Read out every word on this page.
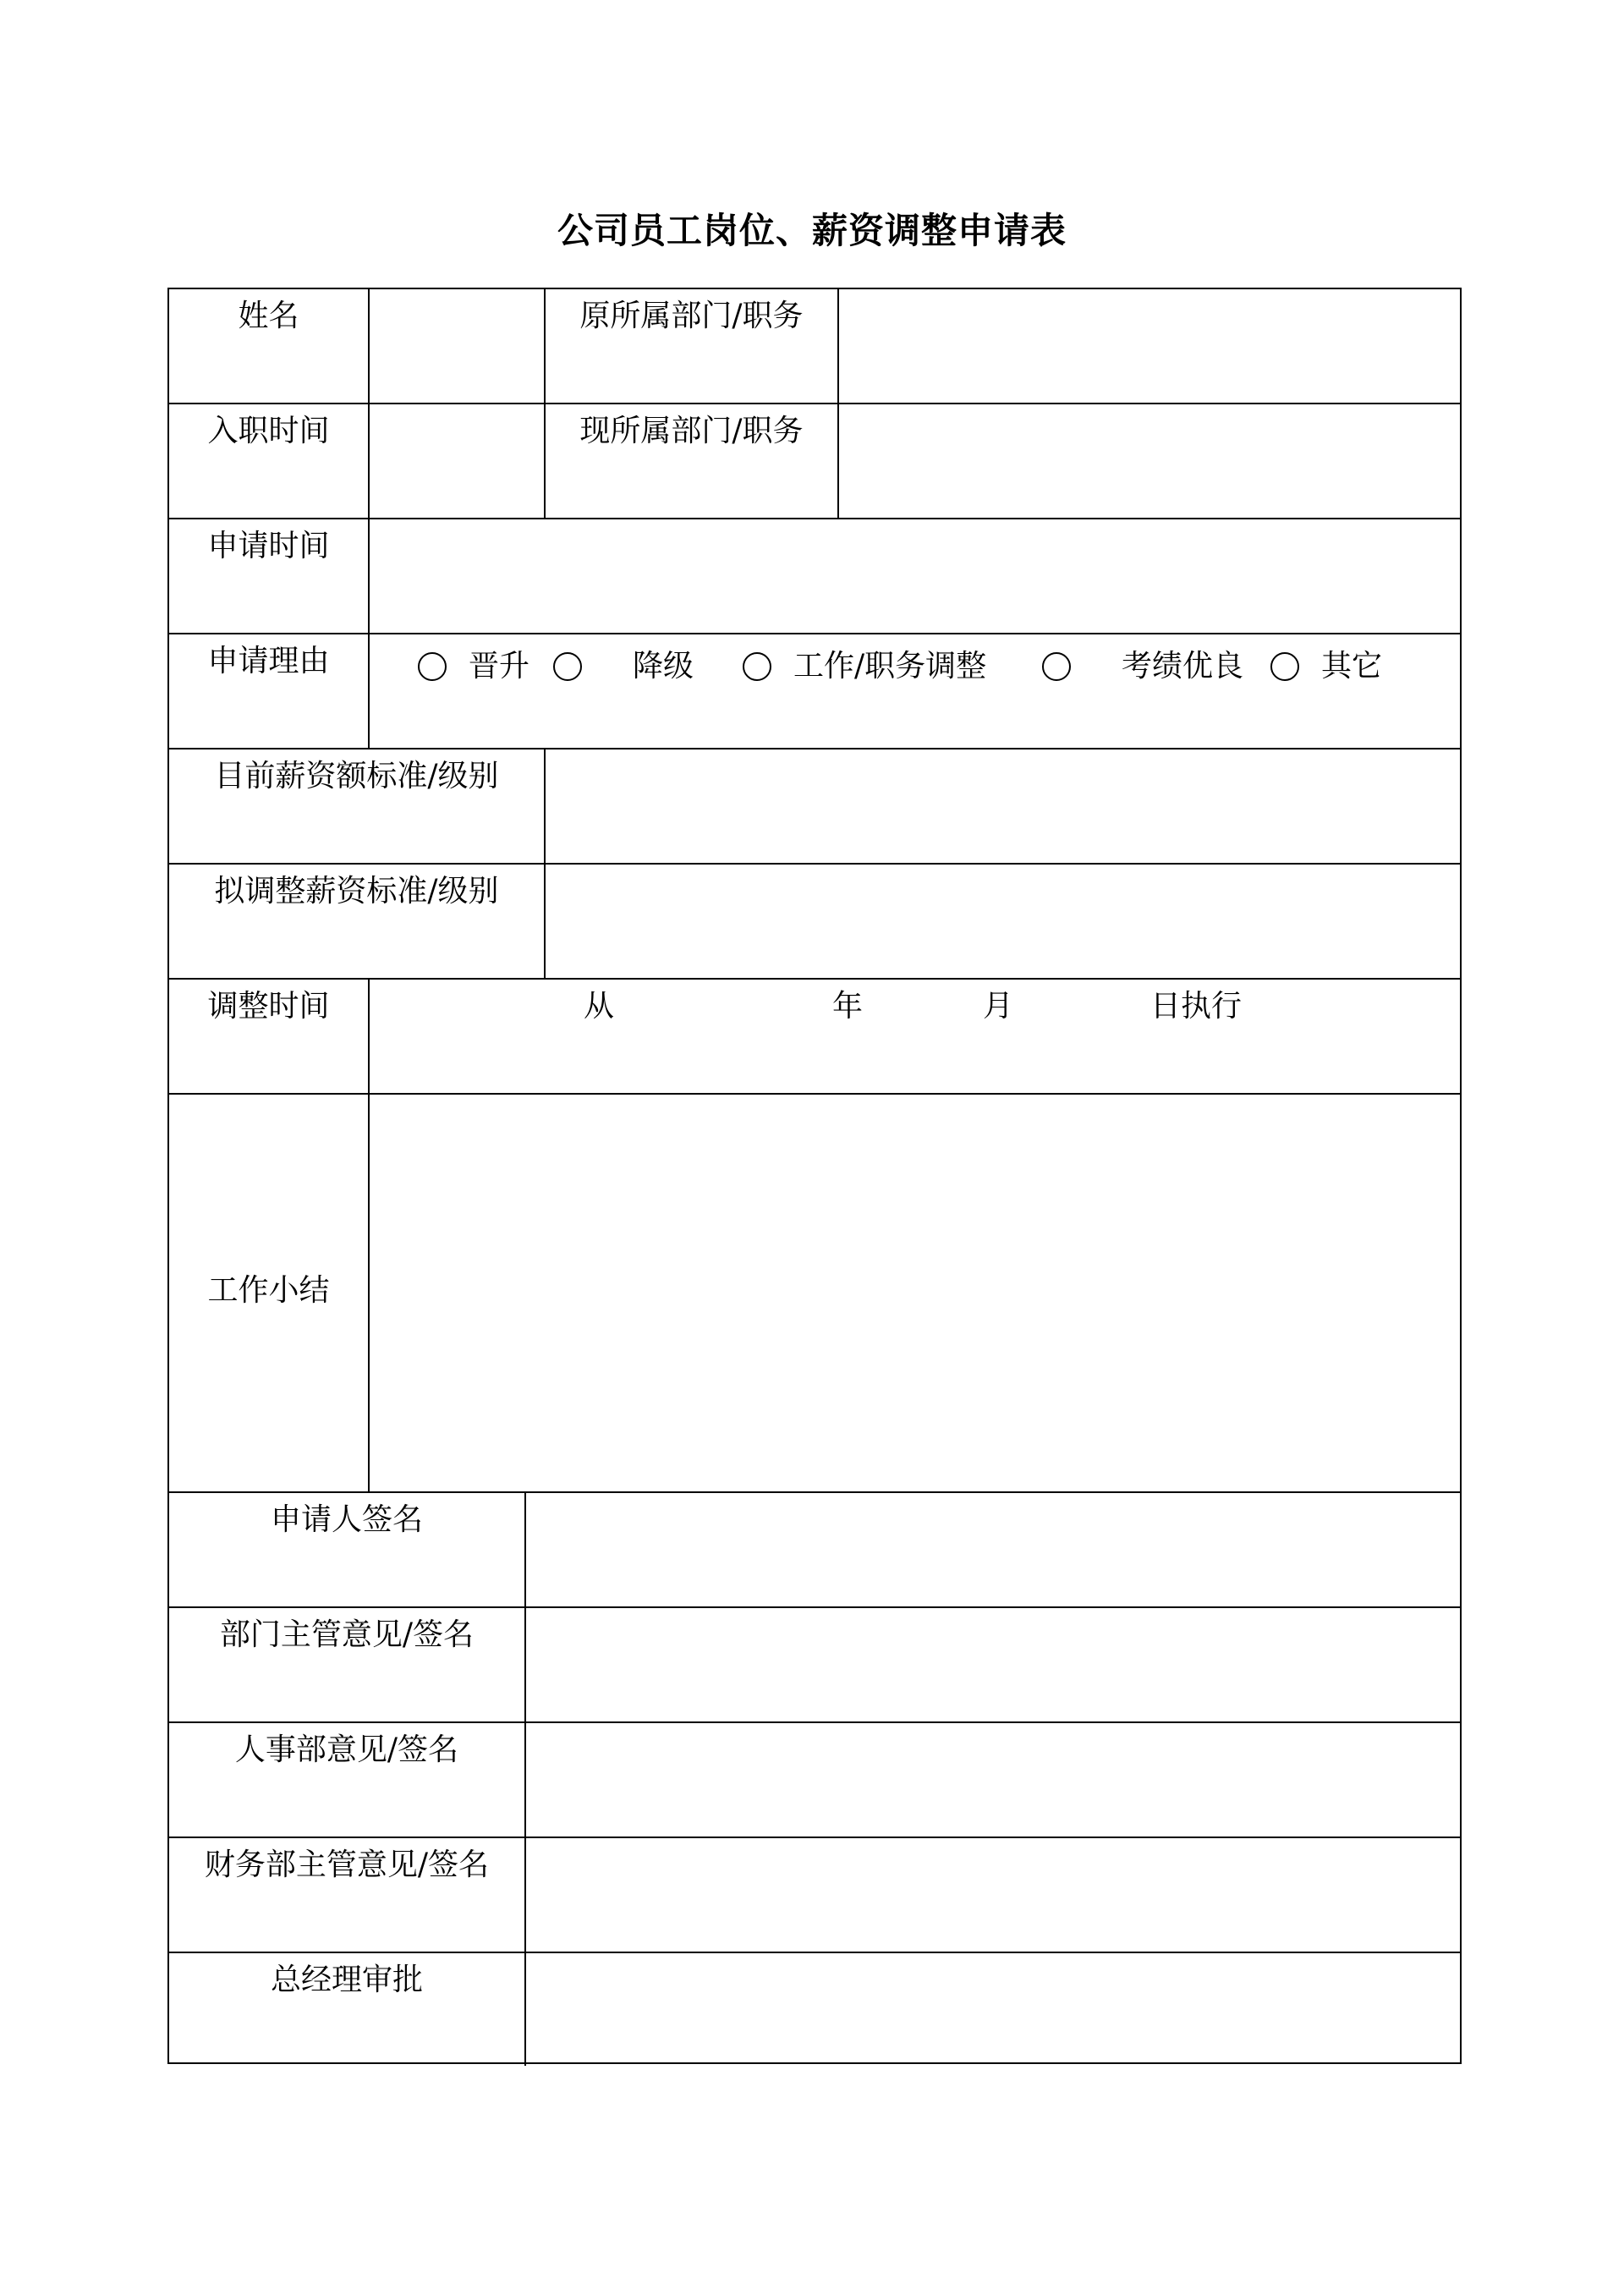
公司员工岗位、薪资调整申请表
姓名	原所属部门/职务
入职时间	现所属部门/职务
申请时间
申请理由	晋升	降级	工作/职务调整	考绩优良	其它
目前薪资额标准/级别
拟调整薪资标准/级别
调整时间	从	年	月	日执行
工作小结
申请人签名
部门主管意见/签名
人事部意见/签名
财务部主管意见/签名
总经理审批
